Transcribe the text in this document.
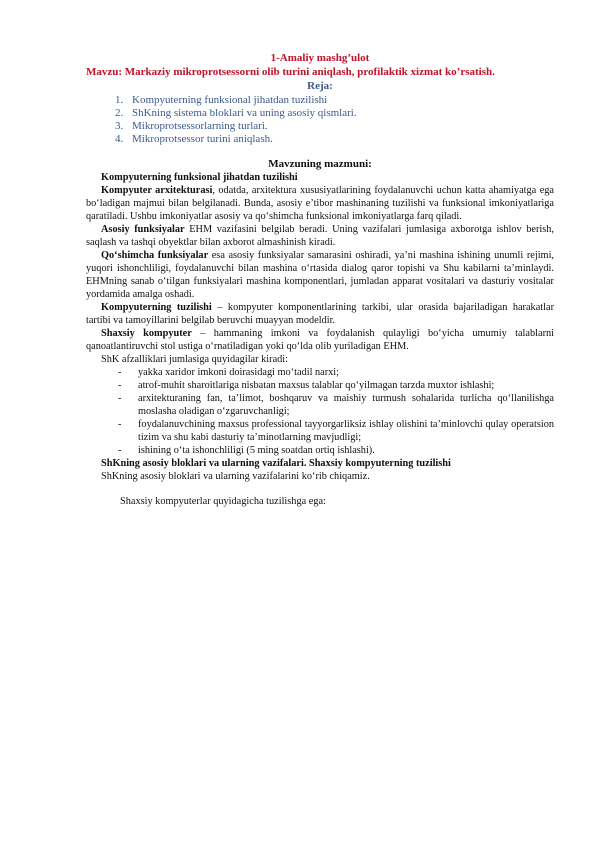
1-Amaliy mashg’ulot

Mavzu: Markaziy mikroprotsessorni olib turini aniqlash, profilaktik xizmat ko’rsatish.

Reja:
1. Kompyuterning funksional jihatdan tuzilishi
2. ShKning sistema bloklari va uning asosiy qismlari.
3. Mikroprotsessorlarning turlari.
4. Mikroprotsessor turini aniqlash.
Mavzuning mazmuni:

Kompyuterning funksional jihatdan tuzilishi

Kompyuter arxitekturasi, odatda, arxitektura xususiyatlarining foydalanuvchi uchun katta ahamiyatga ega bo‘ladigan majmui bilan belgilanadi. Bunda, asosiy e’tibor mashinaning tuzilishi va funksional imkoniyatlariga qaratiladi. Ushbu imkoniyatlar asosiy va qo‘shimcha funksional imkoniyatlarga farq qiladi.

Asosiy funksiyalar EHM vazifasini belgilab beradi. Uning vazifalari jumlasiga axborotga ishlov berish, saqlash va tashqi obyektlar bilan axborot almashinish kiradi.

Qo‘shimcha funksiyalar esa asosiy funksiyalar samarasini oshiradi, ya’ni mashina ishining unumli rejimi, yuqori ishonchliligi, foydalanuvchi bilan mashina o‘rtasida dialog qaror topishi va Shu kabilarni ta’minlaydi. EHMning sanab o‘tilgan funksiyalari mashina komponentlari, jumladan apparat vositalari va dasturiy vositalar yordamida amalga oshadi.

Kompyuterning tuzilishi – kompyuter komponentlarining tarkibi, ular orasida bajariladigan harakatlar tartibi va tamoyillarini belgilab beruvchi muayyan modeldir.

Shaxsiy kompyuter – hammaning imkoni va foydalanish qulayligi bo‘yicha umumiy talablarni qanoatlantiruvchi stol ustiga o‘rnatiladigan yoki qo‘lda olib yuriladigan EHM.

ShK afzalliklari jumlasiga quyidagilar kiradi:

- yakka xaridor imkoni doirasidagi mo‘tadil narxi;
- atrof-muhit sharoitlariga nisbatan maxsus talablar qo‘yilmagan tarzda muxtor ishlashi;
- arxitekturaning fan, ta’limot, boshqaruv va maishiy turmush sohalarida turlicha qo‘llanilishga moslasha oladigan o‘zgaruvchanligi;
- foydalanuvchining maxsus professional tayyorgarliksiz ishlay olishini ta’minlovchi qulay operatsion tizim va shu kabi dasturiy ta’minotlarning mavjudligi;
- ishining o‘ta ishonchliligi (5 ming soatdan ortiq ishlashi).

ShKning asosiy bloklari va ularning vazifalari. Shaxsiy kompyuterning tuzilishi

ShKning asosiy bloklari va ularning vazifalarini ko‘rib chiqamiz.

Shaxsiy kompyuterlar quyidagicha tuzilishga ega:
